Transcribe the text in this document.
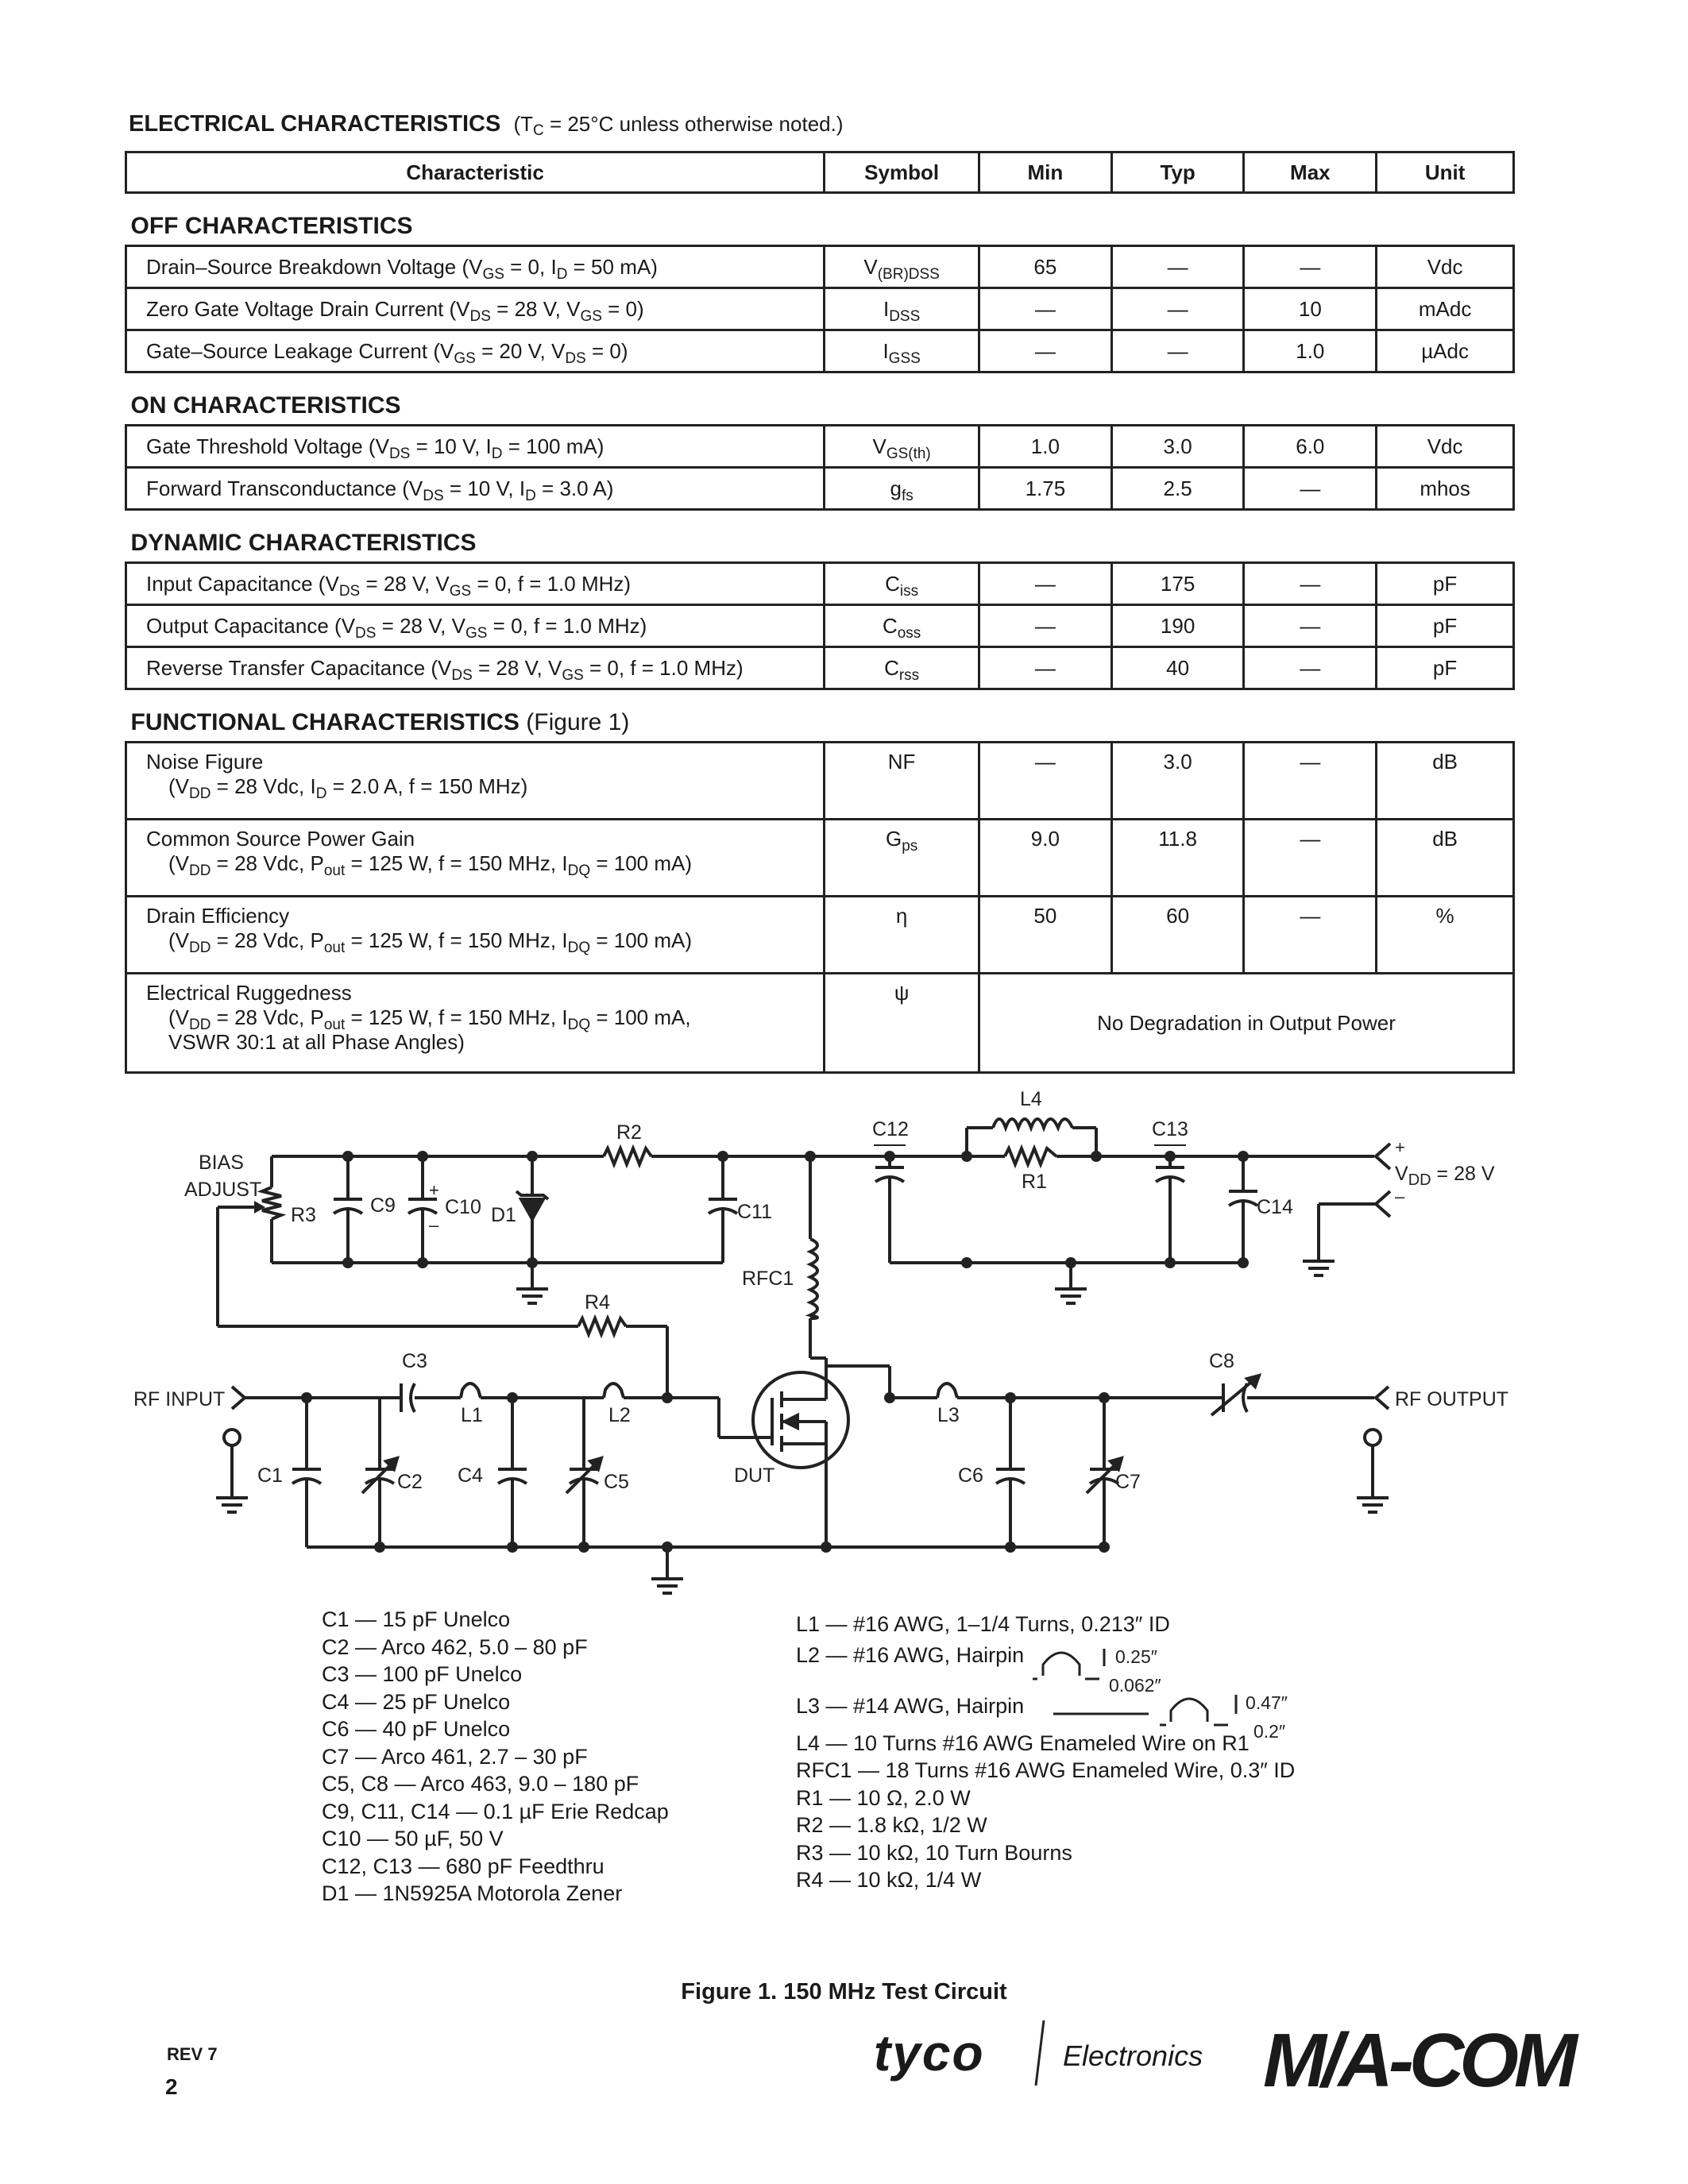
ELECTRICAL CHARACTERISTICS (TC = 25°C unless otherwise noted.)
Characteristic	Symbol	Min	Typ	Max	Unit
OFF CHARACTERISTICS					
Drain–Source Breakdown Voltage ($V_{GS} = 0$, $I_D = 50$ mA)	$V_{(BR)DSS}$	65	—	—	Vdc
Zero Gate Voltage Drain Current ($V_{DS} = 28$ V, $V_{GS} = 0$)	$I_{DSS}$	—	—	10	mAdc
Gate–Source Leakage Current ($V_{GS} = 20$ V, $V_{DS} = 0$)	$I_{GSS}$	—	—	1.0	µAdc
ON CHARACTERISTICS					
Gate Threshold Voltage ($V_{DS} = 10$ V, $I_D = 100$ mA)	$V_{GS(th)}$	1.0	3.0	6.0	Vdc
Forward Transconductance ($V_{DS} = 10$ V, $I_D = 3.0$ A)	$g_{fs}$	1.75	2.5	—	mhos
DYNAMIC CHARACTERISTICS					
Input Capacitance ($V_{DS} = 28$ V, $V_{GS} = 0$, f = 1.0 MHz)	$C_{iss}$	—	175	—	pF
Output Capacitance ($V_{DS} = 28$ V, $V_{GS} = 0$, f = 1.0 MHz)	$C_{oss}$	—	190	—	pF
Reverse Transfer Capacitance ($V_{DS} = 28$ V, $V_{GS} = 0$, f = 1.0 MHz)	$C_{rss}$	—	40	—	pF
FUNCTIONAL CHARACTERISTICS (Figure 1)					
Noise Figure
($V_{DD} = 28$ Vdc, $I_D = 2.0$ A, f = 150 MHz)	NF	—	3.0	—	dB
Common Source Power Gain
($V_{DD} = 28$ Vdc, $P_{out} = 125$ W, f = 150 MHz, $I_{DQ} = 100$ mA)	$G_{ps}$	9.0	11.8	—	dB
Drain Efficiency
($V_{DD} = 28$ Vdc, $P_{out} = 125$ W, f = 150 MHz, $I_{DQ} = 100$ mA)	η	50	60	—	%
Electrical Ruggedness
($V_{DD} = 28$ Vdc, $P_{out} = 125$ W, f = 150 MHz, $I_{DQ} = 100$ mA,
VSWR 30:1 at all Phase Angles)	ψ	No Degradation in Output Power			
BIAS
ADJUST
R3	C9
+
–
C10 D1
R2
C11
C12
L4
R1
C13
C14
+
$V_{DD} = 28$ V
–
RFC1
R4
C3
RF INPUT
L1	L2
C1	C2 C4	C5	DUT
L3
C6	C7
C8
RF OUTPUT
0.25″
0.062″
0.47″
0.2″
C1 — 15 pF Unelco
C2 — Arco 462, 5.0 – 80 pF
C3 — 100 pF Unelco
C4 — 25 pF Unelco
C6 — 40 pF Unelco
C7 — Arco 461, 2.7 – 30 pF
C5, C8 — Arco 463, 9.0 – 180 pF
C9, C11, C14 — 0.1 µF Erie Redcap
C10 — 50 µF, 50 V
C12, C13 — 680 pF Feedthru
D1 — 1N5925A Motorola Zener
L1 — #16 AWG, 1–1/4 Turns, 0.213″ ID
L2 — #16 AWG, Hairpin
L3 — #14 AWG, Hairpin
L4 — 10 Turns #16 AWG Enameled Wire on R1
RFC1 — 18 Turns #16 AWG Enameled Wire, 0.3″ ID
R1 — 10 Ω, 2.0 W
R2 — 1.8 kΩ, 1/2 W
R3 — 10 kΩ, 10 Turn Bourns
R4 — 10 kΩ, 1/4 W
Figure 1. 150 MHz Test Circuit
REV 7
2
tyco	Electronics M/A-COM
